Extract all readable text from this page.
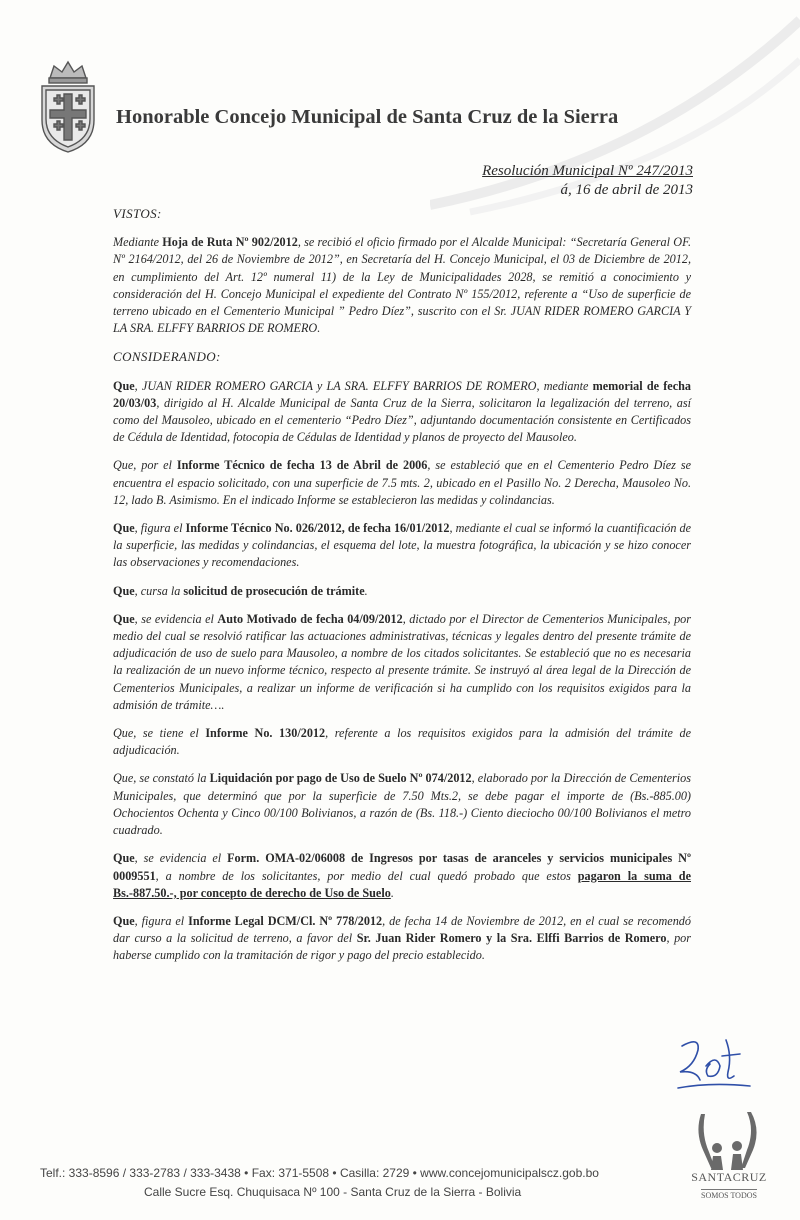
Honorable Concejo Municipal de Santa Cruz de la Sierra
Resolución Municipal Nº 247/2013
á, 16 de abril de 2013
VISTOS:

Mediante Hoja de Ruta Nº 902/2012, se recibió el oficio firmado por el Alcalde Municipal: “Secretaría General OF. Nº 2164/2012, del 26 de Noviembre de 2012”, en Secretaría del H. Concejo Municipal, el 03 de Diciembre de 2012, en cumplimiento del Art. 12º numeral 11) de la Ley de Municipalidades 2028, se remitió a conocimiento y consideración del H. Concejo Municipal el expediente del Contrato Nº 155/2012, referente a “Uso de superficie de terreno ubicado en el Cementerio Municipal ” Pedro Díez”, suscrito con el Sr. JUAN RIDER ROMERO GARCIA Y LA SRA. ELFFY BARRIOS DE ROMERO.

CONSIDERANDO:

Que, JUAN RIDER ROMERO GARCIA y LA SRA. ELFFY BARRIOS DE ROMERO, mediante memorial de fecha 20/03/03, dirigido al H. Alcalde Municipal de Santa Cruz de la Sierra, solicitaron la legalización del terreno, así como del Mausoleo, ubicado en el cementerio “Pedro Díez”, adjuntando documentación consistente en Certificados de Cédula de Identidad, fotocopia de Cédulas de Identidad y planos de proyecto del Mausoleo.

Que, por el Informe Técnico de fecha 13 de Abril de 2006, se estableció que en el Cementerio Pedro Díez se encuentra el espacio solicitado, con una superficie de 7.5 mts. 2, ubicado en el Pasillo No. 2 Derecha, Mausoleo No. 12, lado B. Asimismo. En el indicado Informe se establecieron las medidas y colindancias.

Que, figura el Informe Técnico No. 026/2012, de fecha 16/01/2012, mediante el cual se informó la cuantificación de la superficie, las medidas y colindancias, el esquema del lote, la muestra fotográfica, la ubicación y se hizo conocer las observaciones y recomendaciones.

Que, cursa la solicitud de prosecución de trámite.

Que, se evidencia el Auto Motivado de fecha 04/09/2012, dictado por el Director de Cementerios Municipales, por medio del cual se resolvió ratificar las actuaciones administrativas, técnicas y legales dentro del presente trámite de adjudicación de uso de suelo para Mausoleo, a nombre de los citados solicitantes. Se estableció que no es necesaria la realización de un nuevo informe técnico, respecto al presente trámite. Se instruyó al área legal de la Dirección de Cementerios Municipales, a realizar un informe de verificación si ha cumplido con los requisitos exigidos para la admisión de trámite….

Que, se tiene el Informe No. 130/2012, referente a los requisitos exigidos para la admisión del trámite de adjudicación.

Que, se constató la Liquidación por pago de Uso de Suelo Nº 074/2012, elaborado por la Dirección de Cementerios Municipales, que determinó que por la superficie de 7.50 Mts.2, se debe pagar el importe de (Bs.-885.00) Ochocientos Ochenta y Cinco 00/100 Bolivianos, a razón de (Bs. 118.-) Ciento dieciocho 00/100 Bolivianos el metro cuadrado.

Que, se evidencia el Form. OMA-02/06008 de Ingresos por tasas de aranceles y servicios municipales Nº 0009551, a nombre de los solicitantes, por medio del cual quedó probado que estos pagaron la suma de Bs.-887.50.-, por concepto de derecho de Uso de Suelo.

Que, figura el Informe Legal DCM/Cl. Nº 778/2012, de fecha 14 de Noviembre de 2012, en el cual se recomendó dar curso a la solicitud de terreno, a favor del Sr. Juan Rider Romero y la Sra. Elffi Barrios de Romero, por haberse cumplido con la tramitación de rigor y pago del precio establecido.

SANTACRUZ
SOMOS TODOS
Telf.: 333-8596 / 333-2783 / 333-3438 • Fax: 371-5508 • Casilla: 2729 • www.concejomunicipalscz.gob.bo
Calle Sucre Esq. Chuquisaca Nº 100 - Santa Cruz de la Sierra - Bolivia
